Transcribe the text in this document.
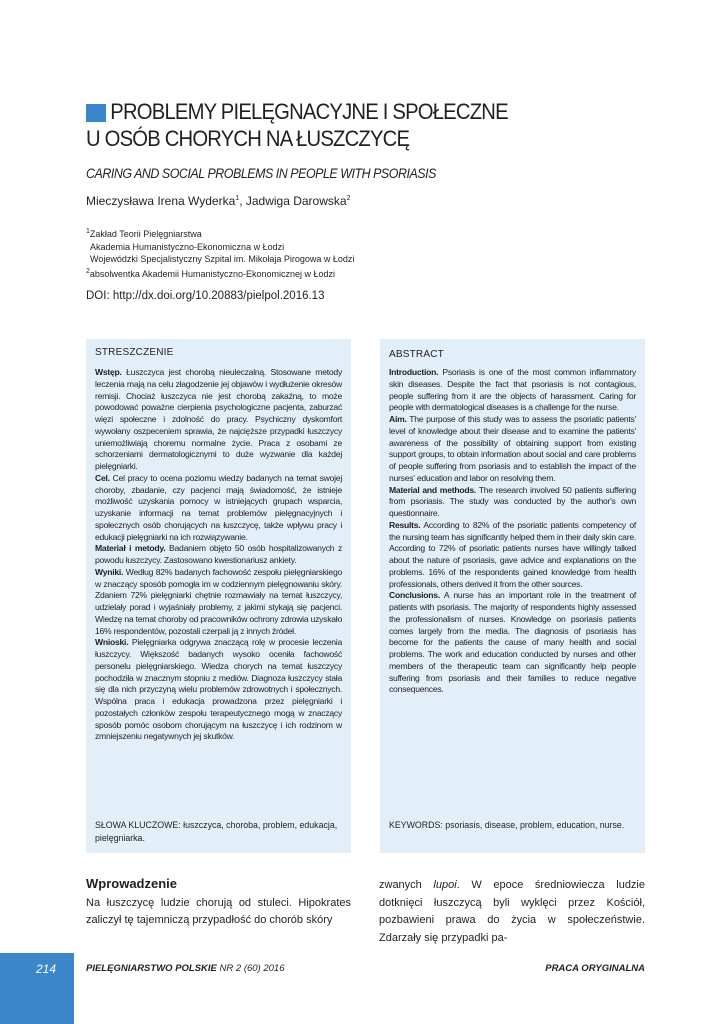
PROBLEMY PIELĘGNACYJNE I SPOŁECZNE
U OSÓB CHORYCH NA ŁUSZCZYCĘ
CARING AND SOCIAL PROBLEMS IN PEOPLE WITH PSORIASIS
Mieczysława Irena Wyderka$^1$, Jadwiga Darowska$^2$
$^1$Zakład Teorii Pielęgniarstwa
Akademia Humanistyczno-Ekonomiczna w Łodzi
Wojewódzki Specjalistyczny Szpital im. Mikołaja Pirogowa w Łodzi
$^2$absolwentka Akademii Humanistyczno-Ekonomicznej w Łodzi
DOI: http://dx.doi.org/10.20883/pielpol.2016.13
STRESZCZENIE

Wstęp. Łuszczyca jest chorobą nieuleczalną. Stosowane metody leczenia mają na celu złagodzenie jej objawów i wydłużenie okresów remisji. Chociaż łuszczyca nie jest chorobą zakaźną, to może powodować poważne cierpienia psychologiczne pacjenta, zaburzać więzi społeczne i zdolność do pracy. Psychiczny dyskomfort wywołany oszpeceniem sprawia, że najcięższe przypadki łuszczycy uniemożliwiają choremu normalne życie. Praca z osobami ze schorzeniami dermatologicznymi to duże wyzwanie dla każdej pielęgniarki.

Cel. Cel pracy to ocena poziomu wiedzy badanych na temat swojej choroby, zbadanie, czy pacjenci mają świadomość, że istnieje możliwość uzyskania pomocy w istniejących grupach wsparcia, uzyskanie informacji na temat problemów pielęgnacyjnych i społecznych osób chorujących na łuszczycę, także wpływu pracy i edukacji pielęgniarki na ich rozwiązywanie.

Materiał i metody. Badaniem objęto 50 osób hospitalizowanych z powodu łuszczycy. Zastosowano kwestionariusz ankiety.

Wyniki. Według 82% badanych fachowość zespołu pielęgniarskiego w znaczący sposób pomogła im w codziennym pielęgnowaniu skóry. Zdaniem 72% pielęgniarki chętnie rozmawiały na temat łuszczycy, udzielały porad i wyjaśniały problemy, z jakimi stykają się pacjenci. Wiedzę na temat choroby od pracowników ochrony zdrowia uzyskało 16% respondentów, pozostali czerpali ją z innych źródeł.

Wnioski. Pielęgniarka odgrywa znaczącą rolę w procesie leczenia łuszczycy. Większość badanych wysoko oceniła fachowość personelu pielęgniarskiego. Wiedza chorych na temat łuszczycy pochodziła w znacznym stopniu z mediów. Diagnoza łuszczycy stała się dla nich przyczyną wielu problemów zdrowotnych i społecznych. Wspólna praca i edukacja prowadzona przez pielęgniarki i pozostałych członków zespołu terapeutycznego mogą w znaczący sposób pomóc osobom chorującym na łuszczycę i ich rodzinom w zmniejszeniu negatywnych jej skutków.

SŁOWA KLUCZOWE: łuszczyca, choroba, problem, edukacja, pielęgniarka.
ABSTRACT

Introduction. Psoriasis is one of the most common inflammatory skin diseases. Despite the fact that psoriasis is not contagious, people suffering from it are the objects of harassment. Caring for people with dermatological diseases is a challenge for the nurse.

Aim. The purpose of this study was to assess the psoriatic patients' level of knowledge about their disease and to examine the patients' awareness of the possibility of obtaining support from existing support groups, to obtain information about social and care problems of people suffering from psoriasis and to establish the impact of the nurses' education and labor on resolving them.

Material and methods. The research involved 50 patients suffering from psoriasis. The study was conducted by the author's own questionnaire.

Results. According to 82% of the psoriatic patients competency of the nursing team has significantly helped them in their daily skin care. According to 72% of psoriatic patients nurses have willingly talked about the nature of psoriasis, gave advice and explanations on the problems. 16% of the respondents gained knowledge from health professionals, others derived it from the other sources.

Conclusions. A nurse has an important role in the treatment of patients with psoriasis. The majority of respondents highly assessed the professionalism of nurses. Knowledge on psoriasis patients comes largely from the media. The diagnosis of psoriasis has become for the patients the cause of many health and social problems. The work and education conducted by nurses and other members of the therapeutic team can significantly help people suffering from psoriasis and their families to reduce negative consequences.

KEYWORDS: psoriasis, disease, problem, education, nurse.
Wprowadzenie
Na łuszczycę ludzie chorują od stuleci. Hipokrates zaliczył tę tajemniczą przypadłość do chorób skóry
zwanych lupoi. W epoce średniowiecza ludzie dotknięci łuszczycą byli wyklęci przez Kościół, pozbawieni prawa do życia w społeczeństwie. Zdarzały się przypadki pa-
214	PIELĘGNIARSTWO POLSKIE NR 2 (60) 2016	PRACA ORYGINALNA
